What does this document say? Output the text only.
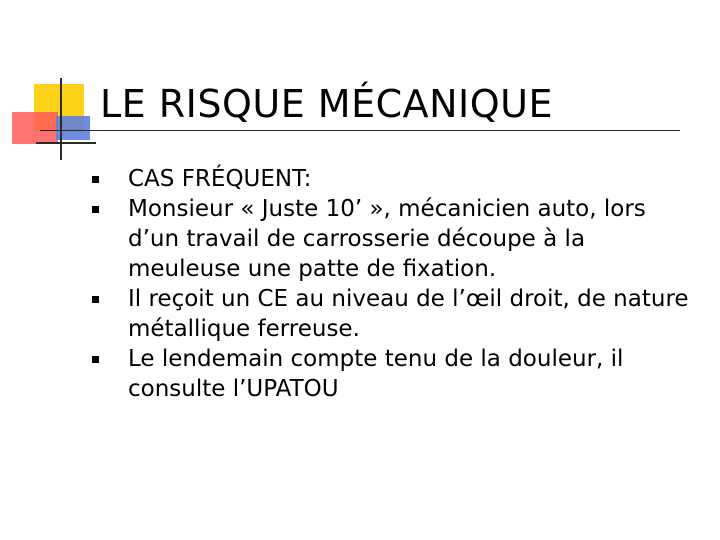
LE RISQUE MÉCANIQUE
CAS FRÉQUENT:
Monsieur « Juste 10’ », mécanicien auto, lors d’un travail de carrosserie découpe à la meuleuse une patte de fixation.
Il reçoit un CE au niveau de l’œil droit, de nature métallique ferreuse.
Le lendemain compte tenu de la douleur, il consulte l’UPATOU
